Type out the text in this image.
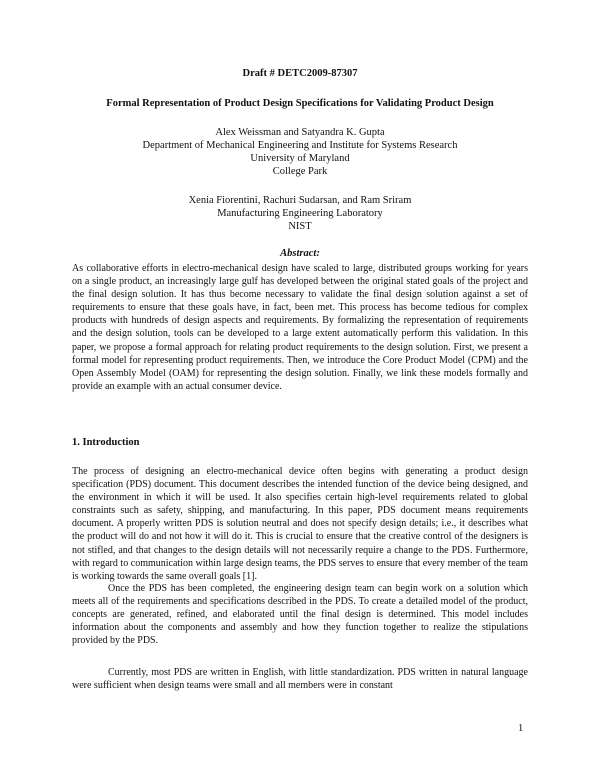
Draft # DETC2009-87307
Formal Representation of Product Design Specifications for Validating Product Design
Alex Weissman and Satyandra K. Gupta
Department of Mechanical Engineering and Institute for Systems Research
University of Maryland
College Park
Xenia Fiorentini, Rachuri Sudarsan, and Ram Sriram
Manufacturing Engineering Laboratory
NIST
Abstract:

As collaborative efforts in electro-mechanical design have scaled to large, distributed groups working for years on a single product, an increasingly large gulf has developed between the original stated goals of the project and the final design solution. It has thus become necessary to validate the final design solution against a set of requirements to ensure that these goals have, in fact, been met. This process has become tedious for complex products with hundreds of design aspects and requirements. By formalizing the representation of requirements and the design solution, tools can be developed to a large extent automatically perform this validation. In this paper, we propose a formal approach for relating product requirements to the design solution. First, we present a formal model for representing product requirements. Then, we introduce the Core Product Model (CPM) and the Open Assembly Model (OAM) for representing the design solution. Finally, we link these models formally and provide an example with an actual consumer device.

1. Introduction

The process of designing an electro-mechanical device often begins with generating a product design specification (PDS) document. This document describes the intended function of the device being designed, and the environment in which it will be used. It also specifies certain high-level requirements related to global constraints such as safety, shipping, and manufacturing. In this paper, PDS document means requirements document. A properly written PDS is solution neutral and does not specify design details; i.e., it describes what the product will do and not how it will do it. This is crucial to ensure that the creative control of the designers is not stifled, and that changes to the design details will not necessarily require a change to the PDS. Furthermore, with regard to communication within large design teams, the PDS serves to ensure that every member of the team is working towards the same overall goals [1].

Once the PDS has been completed, the engineering design team can begin work on a solution which meets all of the requirements and specifications described in the PDS. To create a detailed model of the product, concepts are generated, refined, and elaborated until the final design is determined. This model includes information about the components and assembly and how they function together to realize the stipulations provided by the PDS.

Currently, most PDS are written in English, with little standardization. PDS written in natural language were sufficient when design teams were small and all members were in constant

1
